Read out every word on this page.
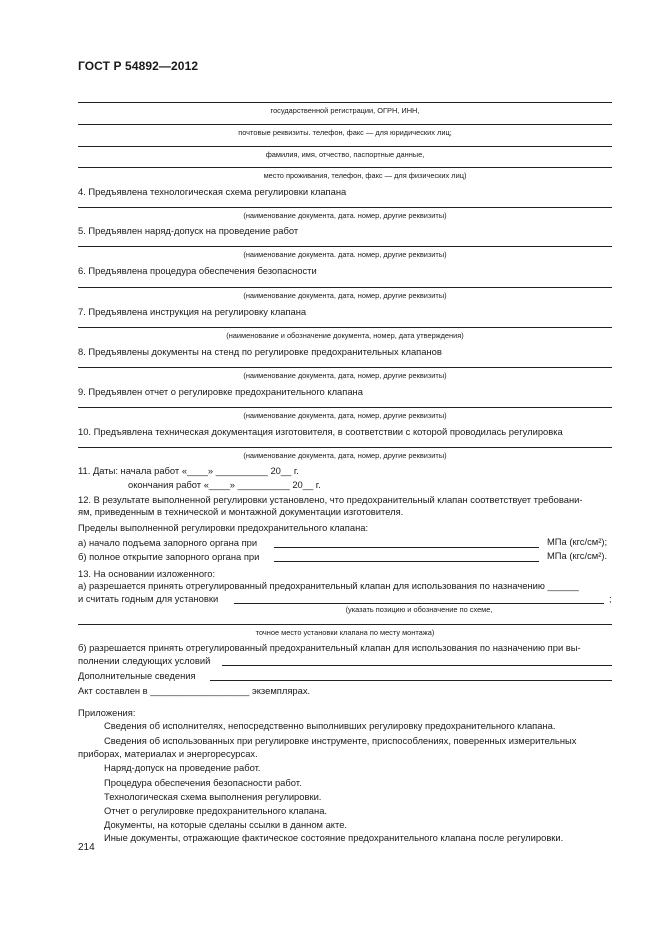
ГОСТ Р 54892—2012
государственной регистрации, ОГРН, ИНН,
почтовые реквизиты. телефон, факс — для юридических лиц;
фамилия, имя, отчество, паспортные данные,
место проживания, телефон, факс — для физических лиц)
4. Предъявлена технологическая схема регулировки клапана
(наименование документа, дата. номер, другие реквизиты)
5. Предъявлен наряд-допуск на проведение работ
(наименование документа. дата. номер, другие реквизиты)
6. Предъявлена процедура обеспечения безопасности
(наименование документа, дата, номер, другие реквизиты)
7. Предъявлена инструкция на регулировку клапана
(наименование и обозначение документа, номер, дата утверждения)
8. Предъявлены документы на стенд по регулировке предохранительных клапанов
(наименование документа, дата, номер, другие реквизиты)
9. Предъявлен отчет о регулировке предохранительного клапана
(наименование документа, дата, номер, другие реквизиты)
10. Предъявлена техническая документация изготовителя, в соответствии с которой проводилась регулировка
(наименование документа, дата, номер, другие реквизиты)
11. Даты: начала работ «____» __________ 20__ г.
окончания работ «____» __________ 20__ г.
12. В результате выполненной регулировки установлено, что предохранительный клапан соответствует требовани-
ям, приведенным в технической и монтажной документации изготовителя.
Пределы выполненной регулировки предохранительного клапана:
а) начало подъема запорного органа при	МПа (кгс/см²);
б) полное открытие запорного органа при	МПа (кгс/см²).
13. На основании изложенного:
а) разрешается принять отрегулированный предохранительный клапан для использования по назначению ______
и считать годным для установки	;
(указать позицию и обозначение по схеме,
точное место установки клапана по месту монтажа)
б) разрешается принять отрегулированный предохранительный клапан для использования по назначению при вы-
полнении следующих условий
Дополнительные сведения
Акт составлен в ___________________ экземплярах.
Приложения:
Сведения об исполнителях, непосредственно выполнивших регулировку предохранительного клапана.
Сведения об использованных при регулировке инструменте, приспособлениях, поверенных измерительных
приборах, материалах и энергоресурсах.
Наряд-допуск на проведение работ.
Процедура обеспечения безопасности работ.
Технологическая схема выполнения регулировки.
Отчет о регулировке предохранительного клапана.
Документы, на которые сделаны ссылки в данном акте.
Иные документы, отражающие фактическое состояние предохранительного клапана после регулировки.
214
